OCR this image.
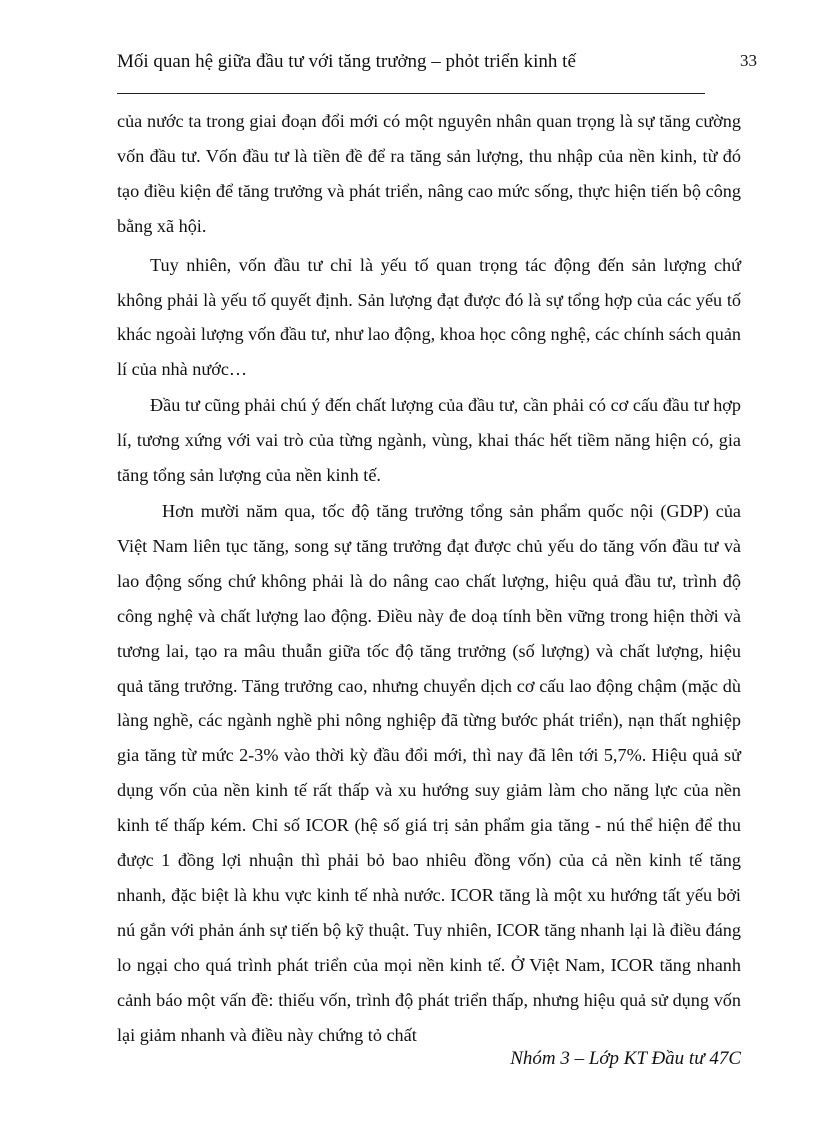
Mối quan hệ giữa đầu tư với tăng trưởng – phỏt triển kinh tế	33

của nước ta trong giai đoạn đổi mới có một nguyên nhân quan trọng là sự tăng cường vốn đầu tư. Vốn đầu tư là tiền đề để ra tăng sản lượng, thu nhập của nền kinh, từ đó tạo điều kiện để tăng trưởng và phát triển, nâng cao mức sống, thực hiện tiến bộ công bằng xã hội.

Tuy nhiên, vốn đầu tư chỉ là yếu tố quan trọng tác động đến sản lượng chứ không phải là yếu tố quyết định. Sản lượng đạt được đó là sự tổng hợp của các yếu tố khác ngoài lượng vốn đầu tư, như lao động, khoa học công nghệ, các chính sách quản lí của nhà nước…

Đầu tư cũng phải chú ý đến chất lượng của đầu tư, cần phải có cơ cấu đầu tư hợp lí, tương xứng với vai trò của từng ngành, vùng, khai thác hết tiềm năng hiện có, gia tăng tổng sản lượng của nền kinh tế.

Hơn mười năm qua, tốc độ tăng trưởng tổng sản phẩm quốc nội (GDP) của Việt Nam liên tục tăng, song sự tăng trưởng đạt được chủ yếu do tăng vốn đầu tư và lao động sống chứ không phải là do nâng cao chất lượng, hiệu quả đầu tư, trình độ công nghệ và chất lượng lao động. Điều này đe doạ tính bền vững trong hiện thời và tương lai, tạo ra mâu thuẫn giữa tốc độ tăng trưởng (số lượng) và chất lượng, hiệu quả tăng trưởng. Tăng trưởng cao, nhưng chuyển dịch cơ cấu lao động chậm (mặc dù làng nghề, các ngành nghề phi nông nghiệp đã từng bước phát triển), nạn thất nghiệp gia tăng từ mức 2-3% vào thời kỳ đầu đổi mới, thì nay đã lên tới 5,7%. Hiệu quả sử dụng vốn của nền kinh tế rất thấp và xu hướng suy giảm làm cho năng lực của nền kinh tế thấp kém. Chỉ số ICOR (hệ số giá trị sản phẩm gia tăng - nú thể hiện để thu được 1 đồng lợi nhuận thì phải bỏ bao nhiêu đồng vốn) của cả nền kinh tế tăng nhanh, đặc biệt là khu vực kinh tế nhà nước. ICOR tăng là một xu hướng tất yếu bởi nú gắn với phản ánh sự tiến bộ kỹ thuật. Tuy nhiên, ICOR tăng nhanh lại là điều đáng lo ngại cho quá trình phát triển của mọi nền kinh tế. Ở Việt Nam, ICOR tăng nhanh cảnh báo một vấn đề: thiếu vốn, trình độ phát triển thấp, nhưng hiệu quả sử dụng vốn lại giảm nhanh và điều này chứng tỏ chất

Nhóm 3 – Lớp KT Đầu tư 47C
